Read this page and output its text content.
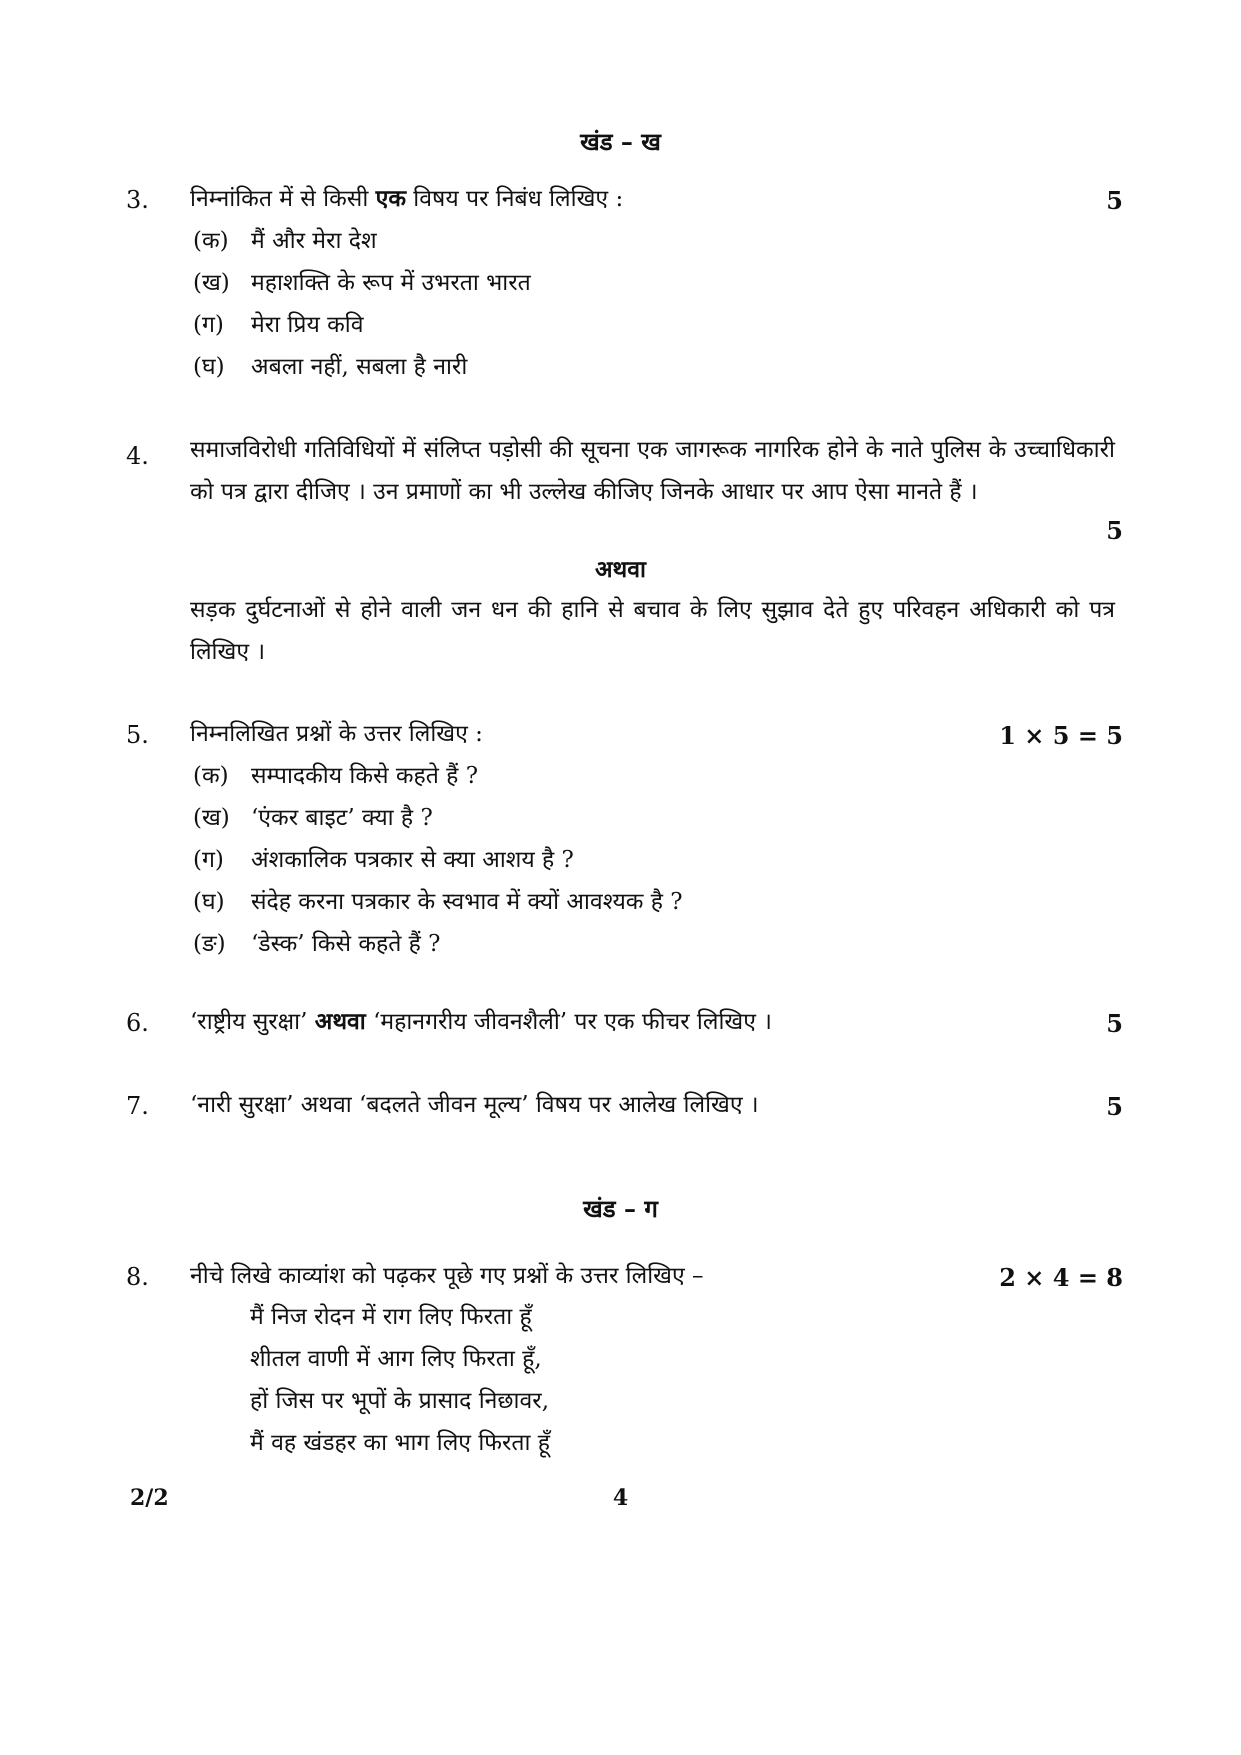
खंड – ख
3.	निम्नांकित में से किसी एक विषय पर निबंध लिखिए :	5
(क) मैं और मेरा देश
(ख) महाशक्ति के रूप में उभरता भारत
(ग) मेरा प्रिय कवि
(घ) अबला नहीं, सबला है नारी
4.	समाजविरोधी गतिविधियों में संलिप्त पड़ोसी की सूचना एक जागरूक नागरिक होने के नाते पुलिस के उच्चाधिकारी को पत्र द्वारा दीजिए । उन प्रमाणों का भी उल्लेख कीजिए जिनके आधार पर आप ऐसा मानते हैं ।
5
अथवा
सड़क दुर्घटनाओं से होने वाली जन धन की हानि से बचाव के लिए सुझाव देते हुए परिवहन अधिकारी को पत्र लिखिए ।
5.	निम्नलिखित प्रश्नों के उत्तर लिखिए :	1 × 5 = 5
(क) सम्पादकीय किसे कहते हैं ?
(ख) ‘एंकर बाइट’ क्या है ?
(ग) अंशकालिक पत्रकार से क्या आशय है ?
(घ) संदेह करना पत्रकार के स्वभाव में क्यों आवश्यक है ?
(ङ) ‘डेस्क’ किसे कहते हैं ?
6.	‘राष्ट्रीय सुरक्षा’ अथवा ‘महानगरीय जीवनशैली’ पर एक फीचर लिखिए ।	5
7.	‘नारी सुरक्षा’ अथवा ‘बदलते जीवन मूल्य’ विषय पर आलेख लिखिए ।	5
खंड – ग
8.	नीचे लिखे काव्यांश को पढ़कर पूछे गए प्रश्नों के उत्तर लिखिए –	2 × 4 = 8
मैं निज रोदन में राग लिए फिरता हूँ
शीतल वाणी में आग लिए फिरता हूँ,
हों जिस पर भूपों के प्रासाद निछावर,
मैं वह खंडहर का भाग लिए फिरता हूँ
2/2	4
